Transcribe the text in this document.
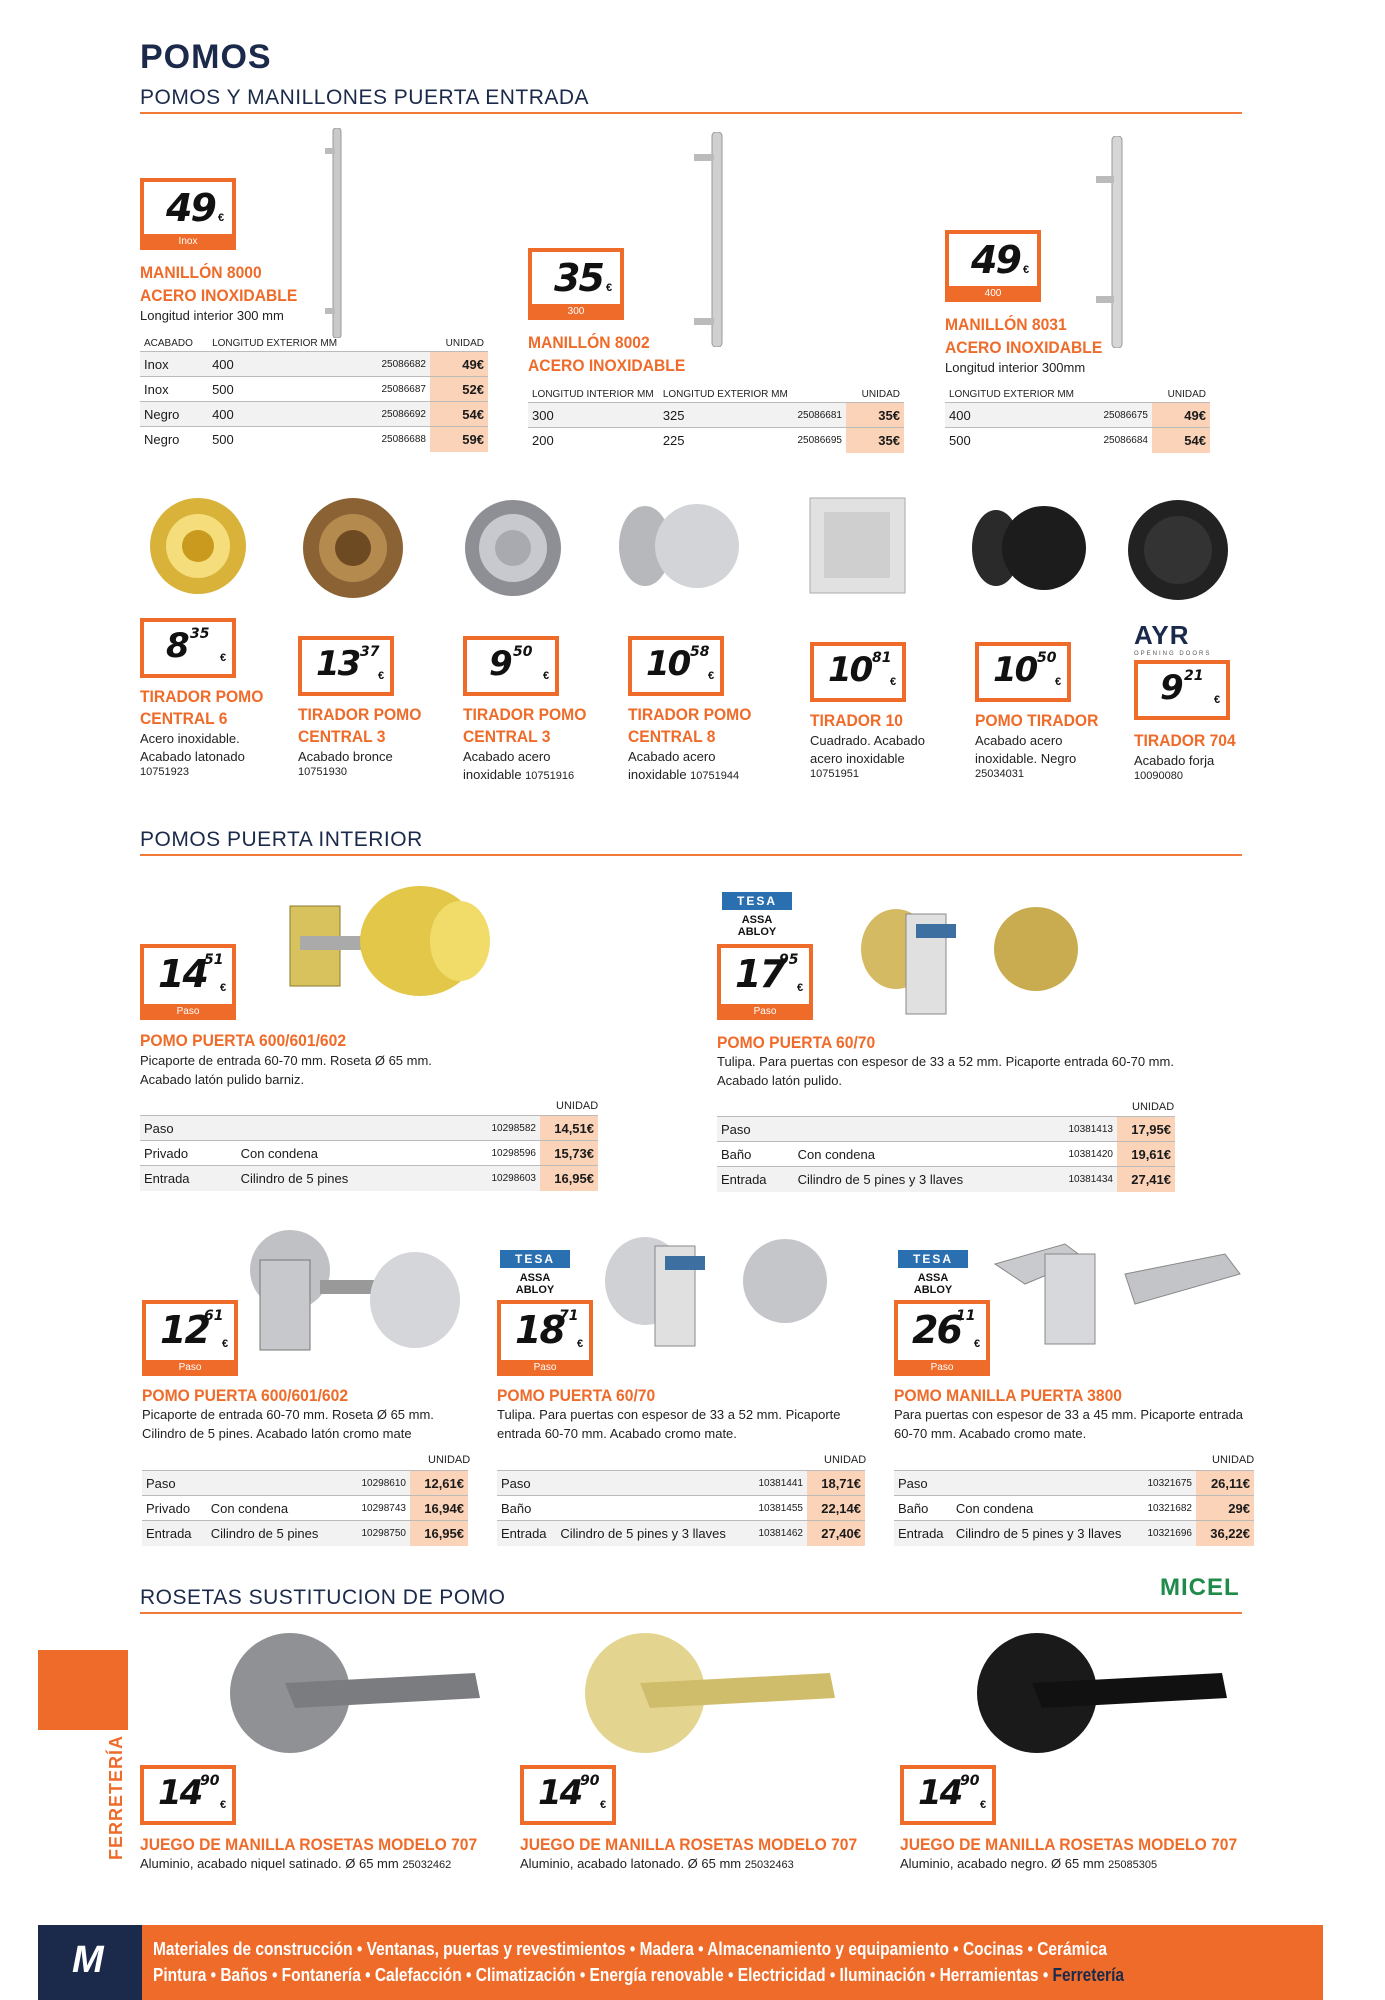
POMOS
POMOS Y MANILLONES PUERTA ENTRADA
49 €
Inox
MANILLÓN 8000
ACERO INOXIDABLE
Longitud interior 300 mm
ACABADO	LONGITUD EXTERIOR MM		UNIDAD
Inox	400	25086682	49€
Inox	500	25086687	52€
Negro	400	25086692	54€
Negro	500	25086688	59€
35 €
300
MANILLÓN 8002
ACERO INOXIDABLE
LONGITUD INTERIOR MM	LONGITUD EXTERIOR MM		UNIDAD
300	325	25086681	35€
200	225	25086695	35€
49 €
400
MANILLÓN 8031
ACERO INOXIDABLE
Longitud interior 300mm
LONGITUD EXTERIOR MM		UNIDAD
400	25086675	49€
500	25086684	54€
AYR
OPENING DOORS
8 35
€	13 37
€	9 50
€	10 58
€	10 81
€	10 50
€	9 21
€
TIRADOR POMO
CENTRAL 6
Acero inoxidable.
Acabado latonado
10751923
TIRADOR POMO
CENTRAL 3
Acabado bronce
10751930
TIRADOR POMO
CENTRAL 3
Acabado acero
inoxidable 10751916
TIRADOR POMO
CENTRAL 8
Acabado acero
inoxidable 10751944
TIRADOR 10
Cuadrado. Acabado
acero inoxidable
10751951
POMO TIRADOR
Acabado acero
inoxidable. Negro
25034031
TIRADOR 704
Acabado forja
10090080
POMOS PUERTA INTERIOR
14
51
€
Paso
POMO PUERTA 600/601/602
Picaporte de entrada 60-70 mm. Roseta Ø 65 mm.
Acabado latón pulido barniz.
UNIDAD
Paso		10298582	14,51€
Privado	Con condena	10298596	15,73€
Entrada	Cilindro de 5 pines	10298603	16,95€
TESA
ASSA ABLOY
17
95
€
Paso
POMO PUERTA 60/70
Tulipa. Para puertas con espesor de 33 a 52 mm. Picaporte entrada 60-70 mm.
Acabado latón pulido.
UNIDAD
Paso		10381413	17,95€
Baño	Con condena	10381420	19,61€
Entrada	Cilindro de 5 pines y 3 llaves	10381434	27,41€
12
61
€
Paso
POMO PUERTA 600/601/602
Picaporte de entrada 60-70 mm. Roseta Ø 65 mm.
Cilindro de 5 pines. Acabado latón cromo mate
UNIDAD
Paso		10298610	12,61€
Privado	Con condena	10298743	16,94€
Entrada	Cilindro de 5 pines	10298750	16,95€
TESA
ASSA ABLOY
18
71
€
Paso
POMO PUERTA 60/70
Tulipa. Para puertas con espesor de 33 a 52 mm. Picaporte
entrada 60-70 mm. Acabado cromo mate.
UNIDAD
Paso		10381441	18,71€
Baño		10381455	22,14€
Entrada	Cilindro de 5 pines y 3 llaves	10381462	27,40€
TESA
ASSA ABLOY
26
11
€
Paso
POMO MANILLA PUERTA 3800
Para puertas con espesor de 33 a 45 mm. Picaporte entrada
60-70 mm. Acabado cromo mate.
UNIDAD
Paso		10321675	26,11€
Baño	Con condena	10321682	29€
Entrada	Cilindro de 5 pines y 3 llaves	10321696	36,22€
ROSETAS SUSTITUCION DE POMO	MICEL
14
90
€
JUEGO DE MANILLA ROSETAS MODELO 707
Aluminio, acabado niquel satinado. Ø 65 mm 25032462
14
90
€
JUEGO DE MANILLA ROSETAS MODELO 707
Aluminio, acabado latonado. Ø 65 mm 25032463
14
90
€
JUEGO DE MANILLA ROSETAS MODELO 707
Aluminio, acabado negro. Ø 65 mm 25085305
FERRETERÍA
M	Materiales de construcción • Ventanas, puertas y revestimientos • Madera • Almacenamiento y equipamiento • Cocinas • Cerámica
Pintura • Baños • Fontanería • Calefacción • Climatización • Energía renovable • Electricidad • Iluminación • Herramientas • Ferretería
